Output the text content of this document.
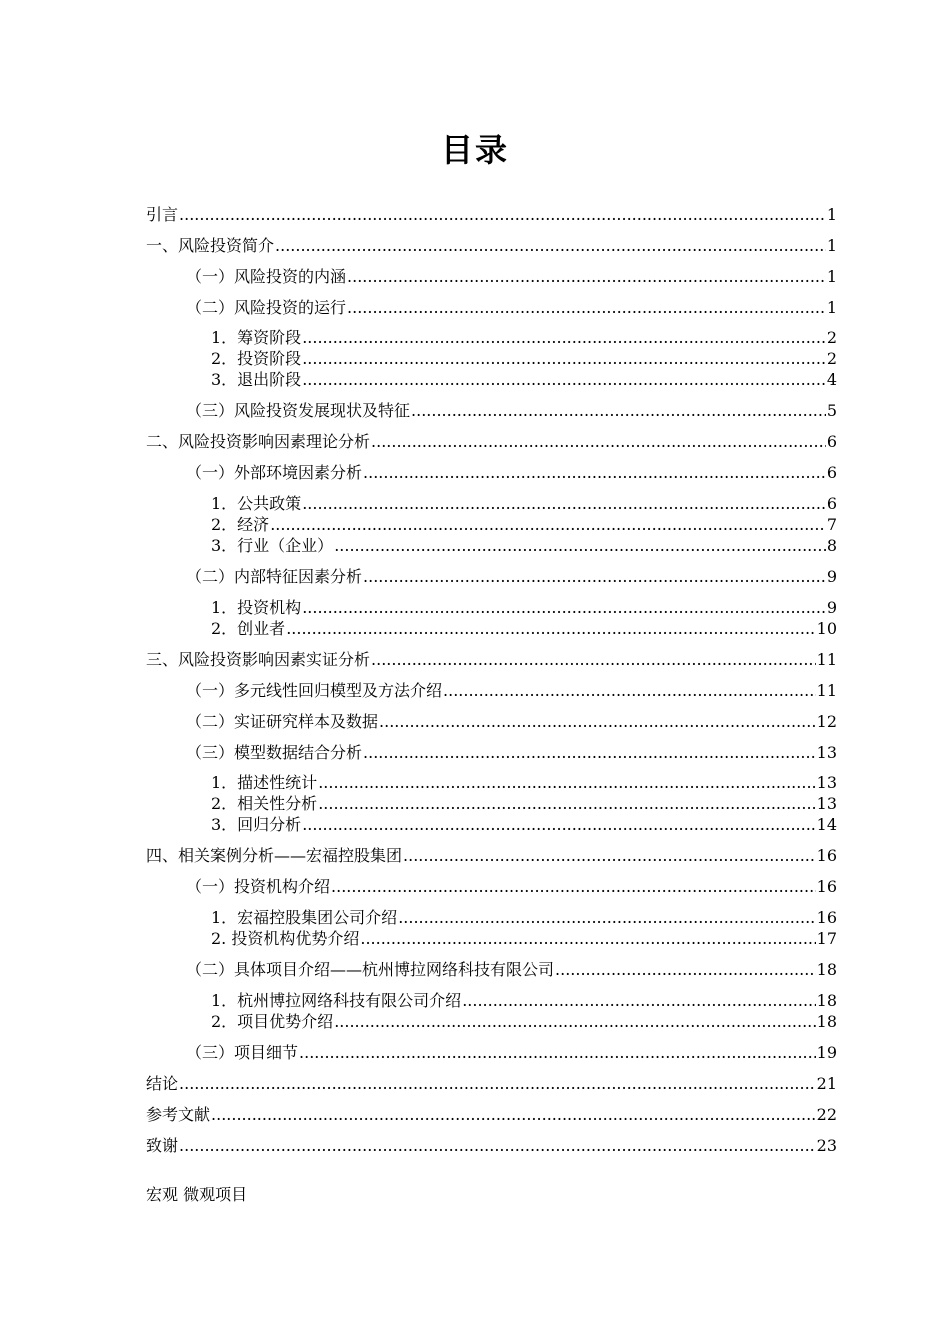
目录
引言 .....	1
一、风险投资简介 .....	1
（一）风险投资的内涵 .....	1
（二）风险投资的运行 .....	1
1．筹资阶段 .....	2
2．投资阶段 .....	2
3．退出阶段 .....	4
（三）风险投资发展现状及特征 .....	5
二、风险投资影响因素理论分析 .....	6
（一）外部环境因素分析 .....	6
1．公共政策 .....	6
2．经济 .....	7
3．行业（企业） .....	8
（二）内部特征因素分析 .....	9
1．投资机构 .....	9
2．创业者 .....	10
三、风险投资影响因素实证分析 .....	11
（一）多元线性回归模型及方法介绍 .....	11
（二）实证研究样本及数据 .....	12
（三）模型数据结合分析 .....	13
1．描述性统计 .....	13
2．相关性分析 .....	13
3．回归分析 .....	14
四、相关案例分析——宏福控股集团 .....	16
（一）投资机构介绍 .....	16
1．宏福控股集团公司介绍 .....	16
2. 投资机构优势介绍 .....	17
（二）具体项目介绍——杭州博拉网络科技有限公司 .....	18
1．杭州博拉网络科技有限公司介绍 .....	18
2．项目优势介绍 .....	18
（三）项目细节 .....	19
结论 .....	21
参考文献 .....	22
致谢 .....	23
宏观 微观项目
